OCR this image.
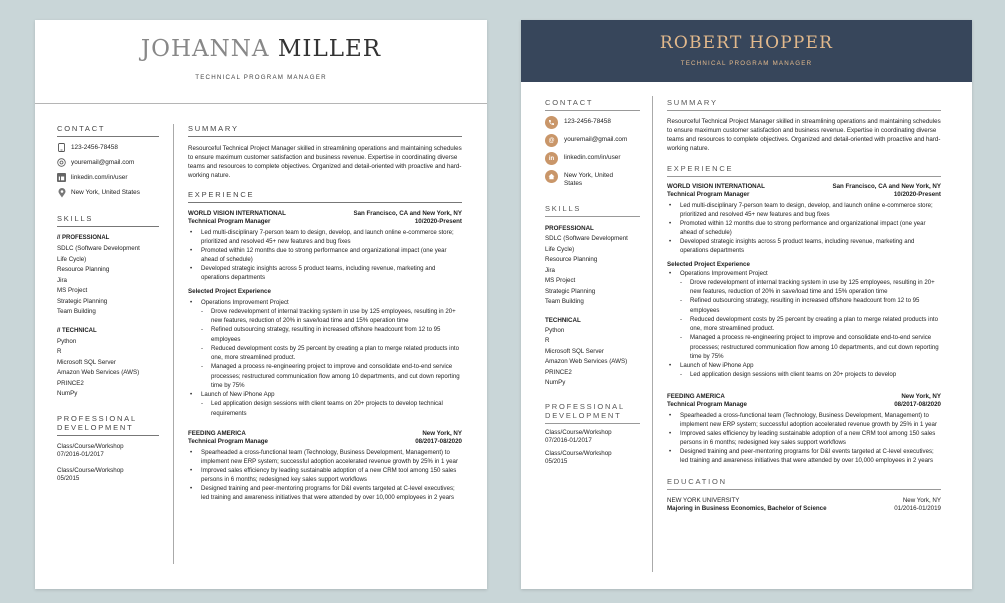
JOHANNA MILLER
TECHNICAL PROGRAM MANAGER
CONTACT
123-2456-78458
youremail@gmail.com
linkedin.com/in/user
New York, United States
SKILLS
// PROFESSIONAL
SDLC (Software Development
Life Cycle)
Resource Planning
Jira
MS Project
Strategic Planning
Team Building
// TECHNICAL
Python
R
Microsoft SQL Server
Amazon Web Services (AWS)
PRINCE2
NumPy
PROFESSIONAL DEVELOPMENT
Class/Course/Workshop
07/2016-01/2017
Class/Course/Workshop
05/2015
SUMMARY
Resourceful Technical Project Manager skilled in streamlining operations and maintaining schedules to ensure maximum customer satisfaction and business revenue. Expertise in coordinating diverse teams and resources to complete objectives. Organized and detail-oriented with proactive and hard-working nature.
EXPERIENCE
WORLD VISION INTERNATIONAL	San Francisco, CA and New York, NY
Technical Program Manager	10/2020-Present
• Led multi-disciplinary 7-person team to design, develop, and launch online e-commerce store; prioritized and resolved 45+ new features and bug fixes
• Promoted within 12 months due to strong performance and organizational impact (one year ahead of schedule)
• Developed strategic insights across 5 product teams, including revenue, marketing and operations departments
Selected Project Experience
• Operations Improvement Project
- Drove redevelopment of internal tracking system in use by 125 employees, resulting in 20+ new features, reduction of 20% in save/load time and 15% operation time
- Refined outsourcing strategy, resulting in increased offshore headcount from 12 to 95 employees
- Reduced development costs by 25 percent by creating a plan to merge related products into one, more streamlined product.
- Managed a process re-engineering project to improve and consolidate end-to-end service processes; restructured communication flow among 10 departments, and cut down reporting time by 75%
• Launch of New iPhone App
- Led application design sessions with client teams on 20+ projects to develop technical requirements
FEEDING AMERICA	New York, NY
Technical Program Manage	08/2017-08/2020
• Spearheaded a cross-functional team (Technology, Business Development, Management) to implement new ERP system; successful adoption accelerated revenue growth by 25% in 1 year
• Improved sales efficiency by leading sustainable adoption of a new CRM tool among 150 sales persons in 6 months; redesigned key sales support workflows
• Designed training and peer-mentoring programs for D&I events targeted at C-level executives; led training and awareness initiatives that were attended by over 10,000 employees in 2 years
ROBERT HOPPER
TECHNICAL PROGRAM MANAGER
CONTACT
123-2456-78458
@	youremail@gmail.com
in	linkedin.com/in/user
New York, United
States
SKILLS
PROFESSIONAL
SDLC (Software Development
Life Cycle)
Resource Planning
Jira
MS Project
Strategic Planning
Team Building
TECHNICAL
Python
R
Microsoft SQL Server
Amazon Web Services (AWS)
PRINCE2
NumPy
PROFESSIONAL DEVELOPMENT
Class/Course/Workshop
07/2016-01/2017
Class/Course/Workshop
05/2015
SUMMARY
Resourceful Technical Project Manager skilled in streamlining operations and maintaining schedules to ensure maximum customer satisfaction and business revenue. Expertise in coordinating diverse teams and resources to complete objectives. Organized and detail-oriented with proactive and hard-working nature.
EXPERIENCE
WORLD VISION INTERNATIONAL	San Francisco, CA and New York, NY
Technical Program Manager	10/2020-Present
• Led multi-disciplinary 7-person team to design, develop, and launch online e-commerce store; prioritized and resolved 45+ new features and bug fixes
• Promoted within 12 months due to strong performance and organizational impact (one year ahead of schedule)
• Developed strategic insights across 5 product teams, including revenue, marketing and operations departments
Selected Project Experience
• Operations Improvement Project
- Drove redevelopment of internal tracking system in use by 125 employees, resulting in 20+ new features, reduction of 20% in save/load time and 15% operation time
- Refined outsourcing strategy, resulting in increased offshore headcount from 12 to 95 employees
- Reduced development costs by 25 percent by creating a plan to merge related products into one, more streamlined product.
- Managed a process re-engineering project to improve and consolidate end-to-end service processes; restructured communication flow among 10 departments, and cut down reporting time by 75%
• Launch of New iPhone App
- Led application design sessions with client teams on 20+ projects to develop
FEEDING AMERICA	New York, NY
Technical Program Manage	08/2017-08/2020
• Spearheaded a cross-functional team (Technology, Business Development, Management) to implement new ERP system; successful adoption accelerated revenue growth by 25% in 1 year
• Improved sales efficiency by leading sustainable adoption of a new CRM tool among 150 sales persons in 6 months; redesigned key sales support workflows
• Designed training and peer-mentoring programs for D&I events targeted at C-level executives; led training and awareness initiatives that were attended by over 10,000 employees in 2 years
EDUCATION
NEW YORK UNIVERSITY	New York, NY
Majoring in Business Economics, Bachelor of Science	01/2016-01/2019
